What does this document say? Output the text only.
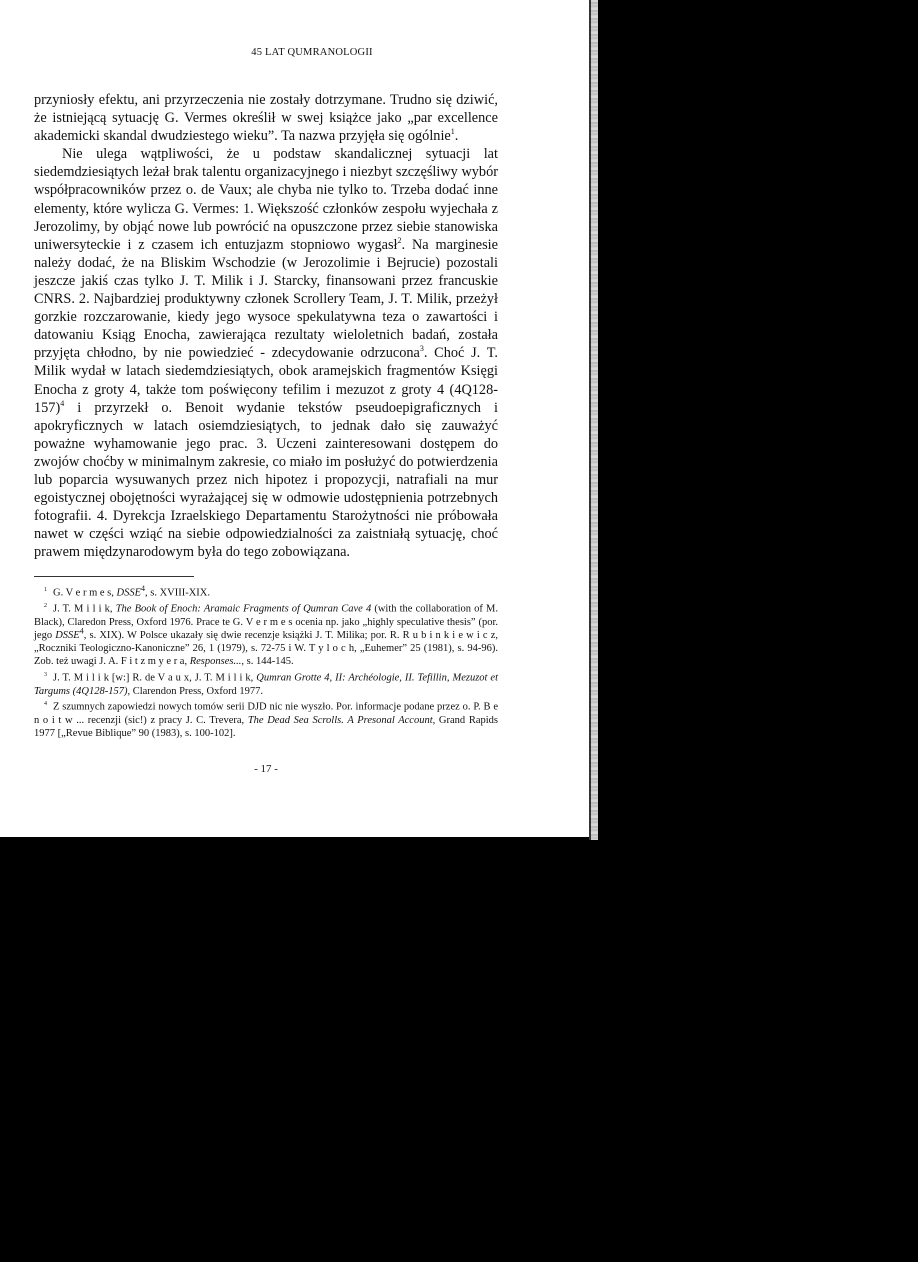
45 LAT QUMRANOLOGII

przyniosły efektu, ani przyrzeczenia nie zostały dotrzymane. Trudno się dziwić, że istniejącą sytuację G. Vermes określił w swej książce jako „par excellence akademicki skandal dwudziestego wieku”. Ta nazwa przyjęła się ogólnie$^1$.

Nie ulega wątpliwości, że u podstaw skandalicznej sytuacji lat siedemdziesiątych leżał brak talentu organizacyjnego i niezbyt szczęśliwy wybór współpracowników przez o. de Vaux; ale chyba nie tylko to. Trzeba dodać inne elementy, które wylicza G. Vermes: 1. Większość członków zespołu wyjechała z Jerozolimy, by objąć nowe lub powrócić na opuszczone przez siebie stanowiska uniwersyteckie i z czasem ich entuzjazm stopniowo wygasł$^2$. Na marginesie należy dodać, że na Bliskim Wschodzie (w Jerozolimie i Bejrucie) pozostali jeszcze jakiś czas tylko J. T. Milik i J. Starcky, finansowani przez francuskie CNRS. 2. Najbardziej produktywny członek Scrollery Team, J. T. Milik, przeżył gorzkie rozczarowanie, kiedy jego wysoce spekulatywna teza o zawartości i datowaniu Ksiąg Enocha, zawierająca rezultaty wieloletnich badań, została przyjęta chłodno, by nie powiedzieć - zdecydowanie odrzucona$^3$. Choć J. T. Milik wydał w latach siedemdziesiątych, obok aramejskich fragmentów Księgi Enocha z groty 4, także tom poświęcony tefilim i mezuzot z groty 4 $(4Q128-157)^4$ i przyrzekł o. Benoit wydanie tekstów pseudoepigraficznych i apokryficznych w latach osiemdziesiątych, to jednak dało się zauważyć poważne wyhamowanie jego prac. 3. Uczeni zainteresowani dostępem do zwojów choćby w minimalnym zakresie, co miało im posłużyć do potwierdzenia lub poparcia wysuwanych przez nich hipotez i propozycji, natrafiali na mur egoistycznej obojętności wyrażającej się w odmowie udostępnienia potrzebnych fotografii. 4. Dyrekcja Izraelskiego Departamentu Starożytności nie próbowała nawet w części wziąć na siebie odpowiedzialności za zaistniałą sytuację, choć prawem międzynarodowym była do tego zobowiązana.

$^1$ G. V e r m e s, DSSE$^4$, s. XVIII-XIX.

$^2$ J. T. M i l i k, The Book of Enoch: Aramaic Fragments of Qumran Cave 4 (with the collaboration of M. Black), Claredon Press, Oxford 1976. Prace te G. V e r m e s ocenia np. jako „highly speculative thesis” (por. jego DSSE$^4$, s. XIX). W Polsce ukazały się dwie recenzje książki J. T. Milika; por. R. R u b i n k i e w i c z, „Roczniki Teologiczno-Kanoniczne” 26, 1 (1979), s. 72-75 i W. T y l o c h, „Euhemer” 25 (1981), s. 94-96). Zob. też uwagi J. A. F i t z m y e r a, Responses..., s. 144-145.

$^3$ J. T. M i l i k [w:] R. de V a u x, J. T. M i l i k, Qumran Grotte 4, II: Archéologie, II. Tefillin, Mezuzot et Targums (4Q128-157), Clarendon Press, Oxford 1977.

$^4$ Z szumnych zapowiedzi nowych tomów serii DJD nic nie wyszło. Por. informacje podane przez o. P. B e n o i t w ... recenzji (sic!) z pracy J. C. Trevera, The Dead Sea Scrolls. A Presonal Account, Grand Rapids 1977 [„Revue Biblique” 90 (1983), s. 100-102].

- 17 -
